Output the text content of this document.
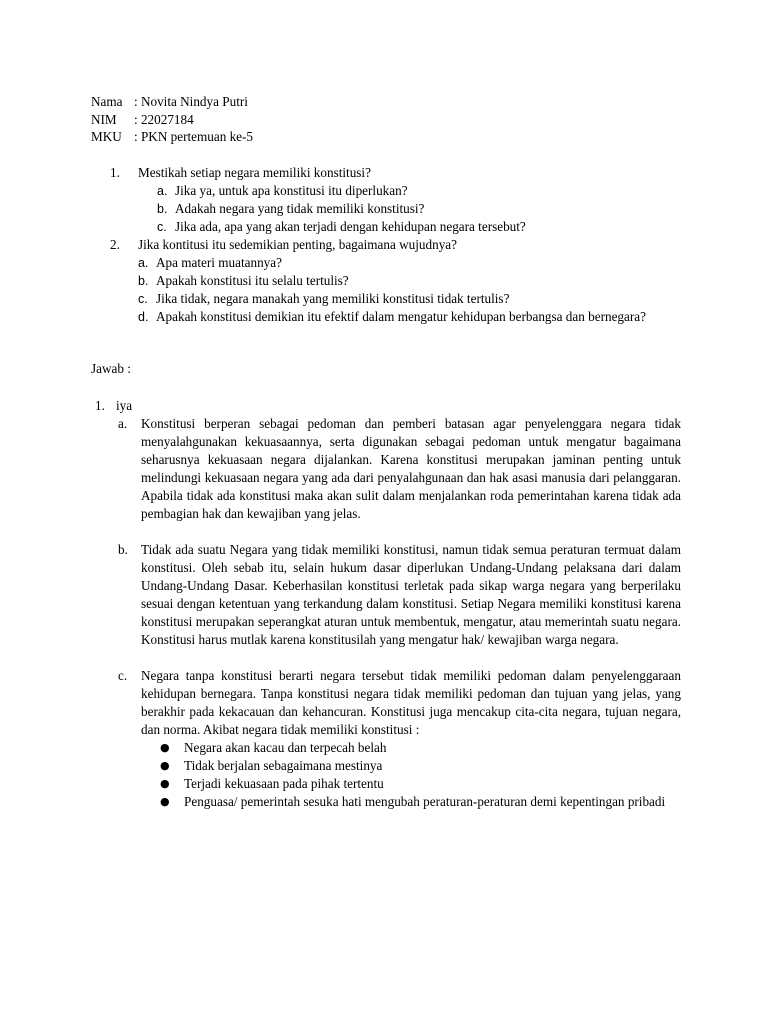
Nama : Novita Nindya Putri
NIM : 22027184
MKU : PKN pertemuan ke-5
1. Mestikah setiap negara memiliki konstitusi?
a. Jika ya, untuk apa konstitusi itu diperlukan?
b. Adakah negara yang tidak memiliki konstitusi?
c. Jika ada, apa yang akan terjadi dengan kehidupan negara tersebut?
2. Jika kontitusi itu sedemikian penting, bagaimana wujudnya?
a. Apa materi muatannya?
b. Apakah konstitusi itu selalu tertulis?
c. Jika tidak, negara manakah yang memiliki konstitusi tidak tertulis?
d. Apakah konstitusi demikian itu efektif dalam mengatur kehidupan berbangsa dan bernegara?
Jawab :
1. iya
a. Konstitusi berperan sebagai pedoman dan pemberi batasan agar penyelenggara negara tidak menyalahgunakan kekuasaannya, serta digunakan sebagai pedoman untuk mengatur bagaimana seharusnya kekuasaan negara dijalankan. Karena konstitusi merupakan jaminan penting untuk melindungi kekuasaan negara yang ada dari penyalahgunaan dan hak asasi manusia dari pelanggaran. Apabila tidak ada konstitusi maka akan sulit dalam menjalankan roda pemerintahan karena tidak ada pembagian hak dan kewajiban yang jelas.
b. Tidak ada suatu Negara yang tidak memiliki konstitusi, namun tidak semua peraturan termuat dalam konstitusi. Oleh sebab itu, selain hukum dasar diperlukan Undang-Undang pelaksana dari dalam Undang-Undang Dasar. Keberhasilan konstitusi terletak pada sikap warga negara yang berperilaku sesuai dengan ketentuan yang terkandung dalam konstitusi. Setiap Negara memiliki konstitusi karena konstitusi merupakan seperangkat aturan untuk membentuk, mengatur, atau memerintah suatu negara. Konstitusi harus mutlak karena konstitusilah yang mengatur hak/ kewajiban warga negara.
c. Negara tanpa konstitusi berarti negara tersebut tidak memiliki pedoman dalam penyelenggaraan kehidupan bernegara. Tanpa konstitusi negara tidak memiliki pedoman dan tujuan yang jelas, yang berakhir pada kekacauan dan kehancuran. Konstitusi juga mencakup cita-cita negara, tujuan negara, dan norma. Akibat negara tidak memiliki konstitusi :
● Negara akan kacau dan terpecah belah
● Tidak berjalan sebagaimana mestinya
● Terjadi kekuasaan pada pihak tertentu
● Penguasa/ pemerintah sesuka hati mengubah peraturan-peraturan demi kepentingan pribadi
